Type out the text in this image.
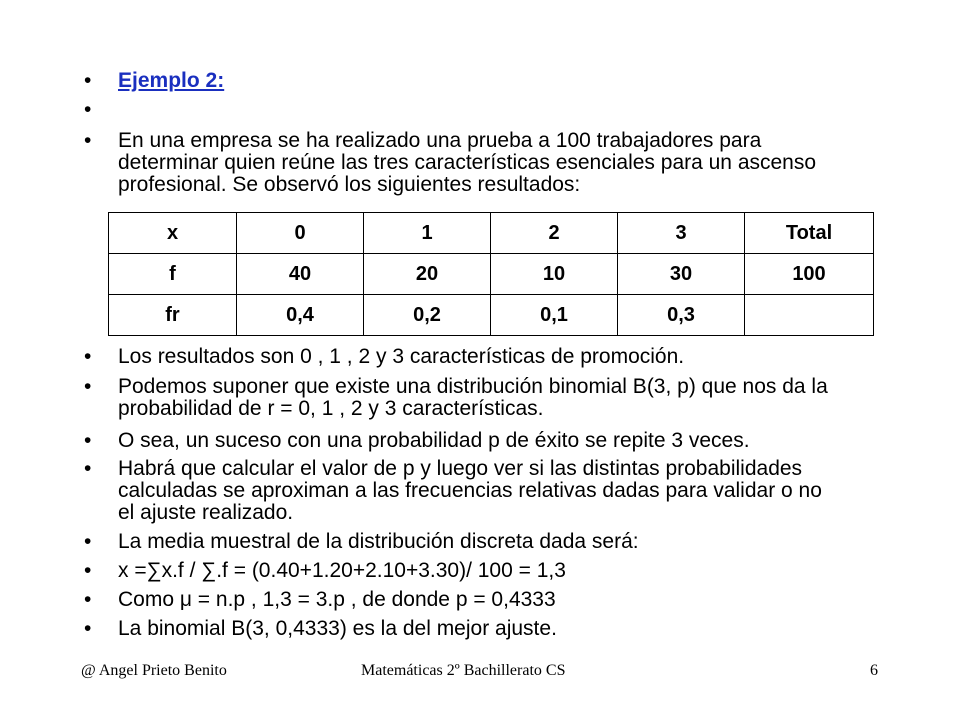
• Ejemplo 2:
•
• En una empresa se ha realizado una prueba a 100 trabajadores para determinar quien reúne las tres características esenciales para un ascenso profesional. Se observó los siguientes resultados:
• Los resultados son 0 , 1 , 2 y 3 características de promoción.
• Podemos suponer que existe una distribución binomial B(3, p) que nos da la probabilidad de r = 0, 1 , 2 y 3 características.
• O sea, un suceso con una probabilidad p de éxito se repite 3 veces.
• Habrá que calcular el valor de p y luego ver si las distintas probabilidades calculadas se aproximan a las frecuencias relativas dadas para validar o no el ajuste realizado.
• La media muestral de la distribución discreta dada será:
• x =∑x.f / ∑.f = (0.40+1.20+2.10+3.30)/ 100 = 1,3
• Como μ = n.p , 1,3 = 3.p , de donde p = 0,4333
• La binomial B(3, 0,4333) es la del mejor ajuste.
x	0	1	2	3	Total
f	40	20	10	30	100
fr	0,4	0,2	0,1	0,3	
@ Angel Prieto Benito	Matemáticas 2º Bachillerato CS	6
